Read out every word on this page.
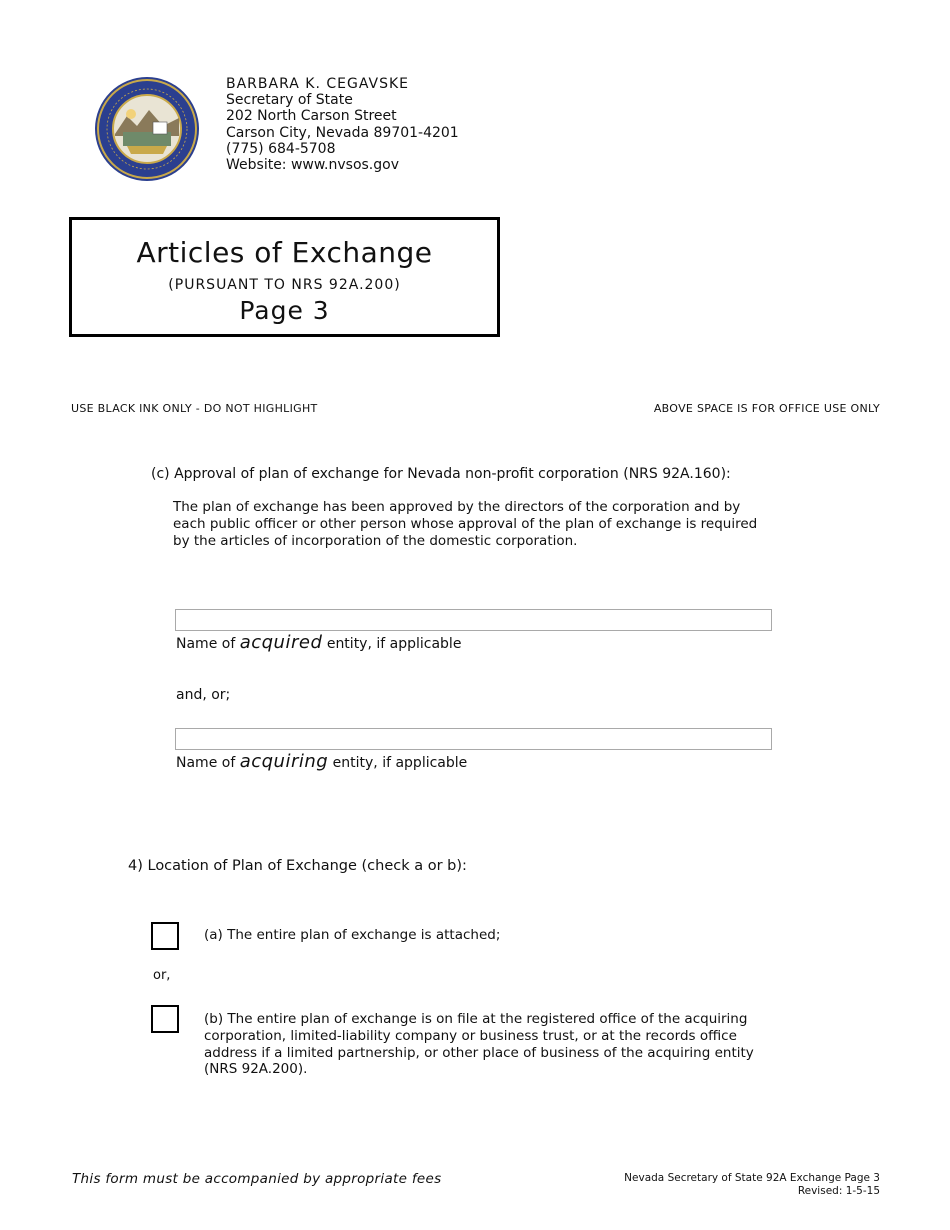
BARBARA K. CEGAVSKE
Secretary of State
202 North Carson Street
Carson City, Nevada 89701-4201
(775) 684-5708
Website: www.nvsos.gov
Articles of Exchange
(PURSUANT TO NRS 92A.200)
Page 3
USE BLACK INK ONLY - DO NOT HIGHLIGHT	ABOVE SPACE IS FOR OFFICE USE ONLY
(c) Approval of plan of exchange for Nevada non-profit corporation (NRS 92A.160):
The plan of exchange has been approved by the directors of the corporation and by each public officer or other person whose approval of the plan of exchange is required by the articles of incorporation of the domestic corporation.
Name of acquired entity, if applicable
and, or;
Name of acquiring entity, if applicable
4) Location of Plan of Exchange (check a or b):
(a) The entire plan of exchange is attached;
or,
(b) The entire plan of exchange is on file at the registered office of the acquiring corporation, limited-liability company or business trust, or at the records office address if a limited partnership, or other place of business of the acquiring entity (NRS 92A.200).
This form must be accompanied by appropriate fees	Nevada Secretary of State 92A Exchange Page 3
Revised: 1-5-15
